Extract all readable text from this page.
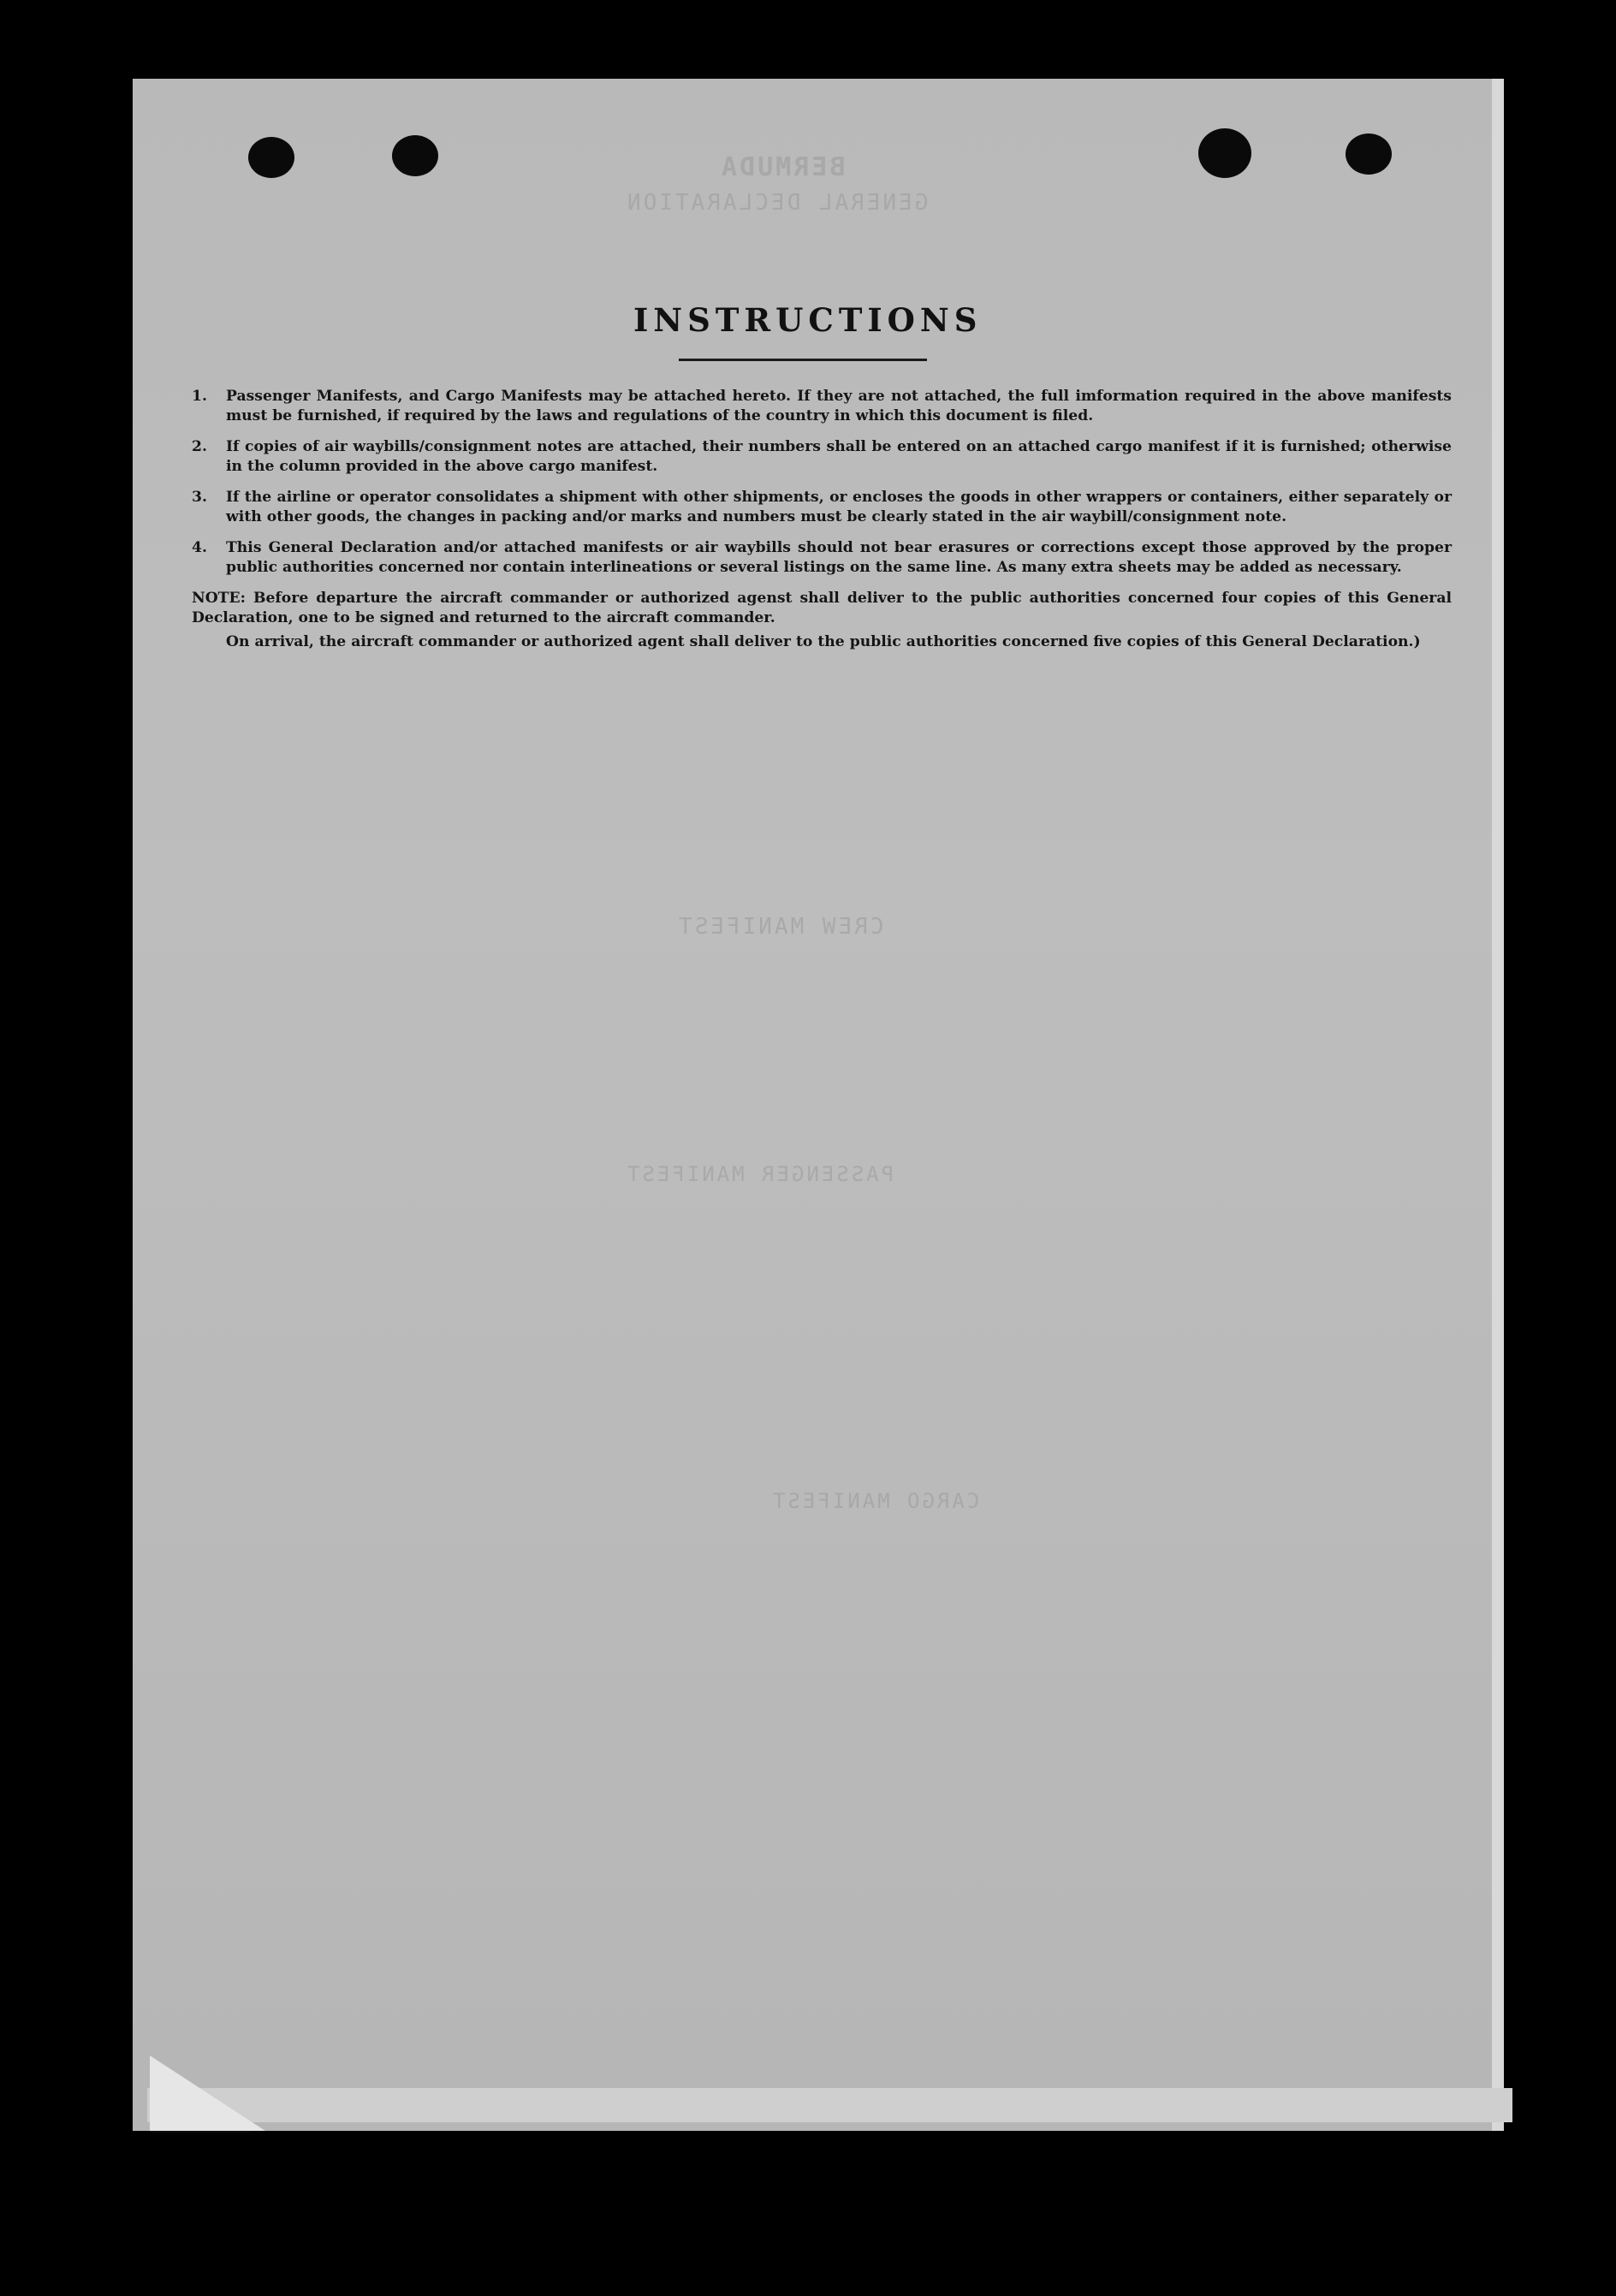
BERMUDA
GENERAL DECLARATION
CREW MANIFEST
PASSENGER MANIFEST
CARGO MANIFEST
INSTRUCTIONS
1.	Passenger Manifests, and Cargo Manifests may be attached hereto. If they are not attached, the full imformation required in the above manifests must be furnished, if required by the laws and regulations of the country in which this document is filed.
2.	If copies of air waybills/consignment notes are attached, their numbers shall be entered on an attached cargo manifest if it is furnished; otherwise in the column provided in the above cargo manifest.
3.	If the airline or operator consolidates a shipment with other shipments, or encloses the goods in other wrappers or containers, either separately or with other goods, the changes in packing and/or marks and numbers must be clearly stated in the air waybill/consignment note.
4.	This General Declaration and/or attached manifests or air waybills should not bear erasures or corrections except those approved by the proper public authorities concerned nor contain interlineations or several listings on the same line. As many extra sheets may be added as necessary.
NOTE: Before departure the aircraft commander or authorized agenst shall deliver to the public authorities concerned four copies of this General Declaration, one to be signed and returned to the aircraft commander.
On arrival, the aircraft commander or authorized agent shall deliver to the public authorities concerned five copies of this General Declaration.)
